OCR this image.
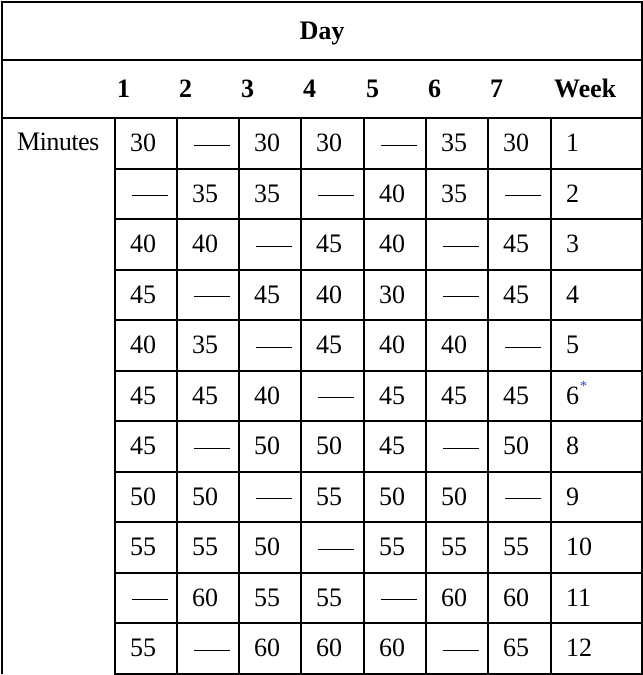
Day								
	1	2	3	4	5	6	7	Week
Minutes	30		30	30		35	30	1
		35	35		40	35		2
	40	40		45	40		45	3
	45		45	40	30		45	4
	40	35		45	40	40		5
	45	45	40		45	45	45	6*
	45		50	50	45		50	8
	50	50		55	50	50		9
	55	55	50		55	55	55	10
		60	55	55		60	60	11
	55		60	60	60		65	12
